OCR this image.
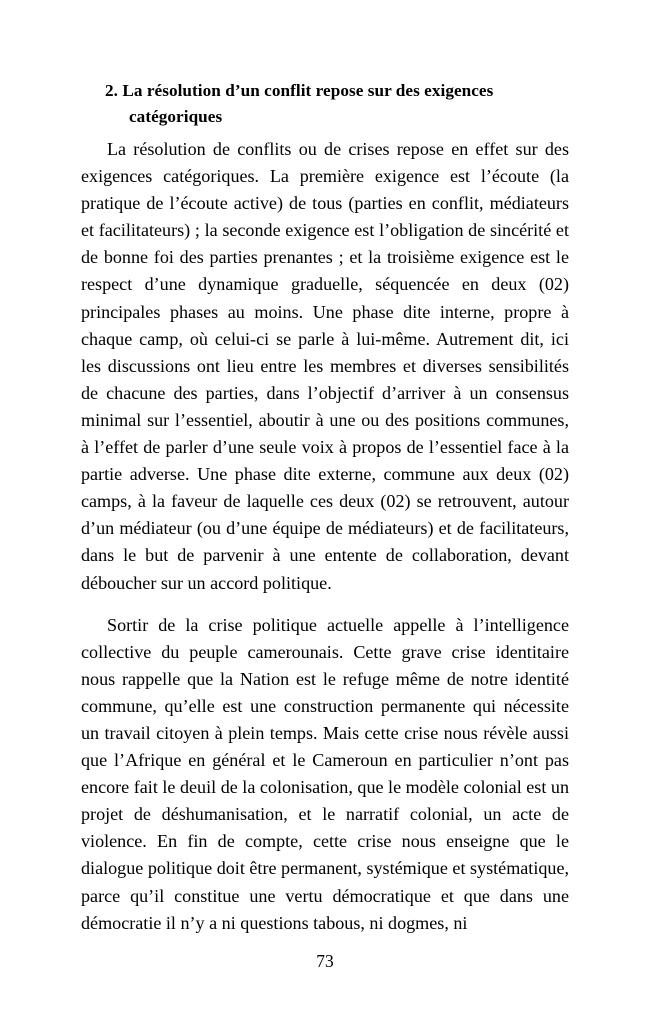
2. La résolution d’un conflit repose sur des exigences catégoriques

La résolution de conflits ou de crises repose en effet sur des exigences catégoriques. La première exigence est l’écoute (la pratique de l’écoute active) de tous (parties en conflit, médiateurs et facilitateurs) ; la seconde exigence est l’obligation de sincérité et de bonne foi des parties prenantes ; et la troisième exigence est le respect d’une dynamique graduelle, séquencée en deux (02) principales phases au moins. Une phase dite interne, propre à chaque camp, où celui-ci se parle à lui-même. Autrement dit, ici les discussions ont lieu entre les membres et diverses sensibilités de chacune des parties, dans l’objectif d’arriver à un consensus minimal sur l’essentiel, aboutir à une ou des positions communes, à l’effet de parler d’une seule voix à propos de l’essentiel face à la partie adverse. Une phase dite externe, commune aux deux (02) camps, à la faveur de laquelle ces deux (02) se retrouvent, autour d’un médiateur (ou d’une équipe de médiateurs) et de facilitateurs, dans le but de parvenir à une entente de collaboration, devant déboucher sur un accord politique.

Sortir de la crise politique actuelle appelle à l’intelligence collective du peuple camerounais. Cette grave crise identitaire nous rappelle que la Nation est le refuge même de notre identité commune, qu’elle est une construction permanente qui nécessite un travail citoyen à plein temps. Mais cette crise nous révèle aussi que l’Afrique en général et le Cameroun en particulier n’ont pas encore fait le deuil de la colonisation, que le modèle colonial est un projet de déshumanisation, et le narratif colonial, un acte de violence. En fin de compte, cette crise nous enseigne que le dialogue politique doit être permanent, systémique et systématique, parce qu’il constitue une vertu démocratique et que dans une démocratie il n’y a ni questions tabous, ni dogmes, ni

73
